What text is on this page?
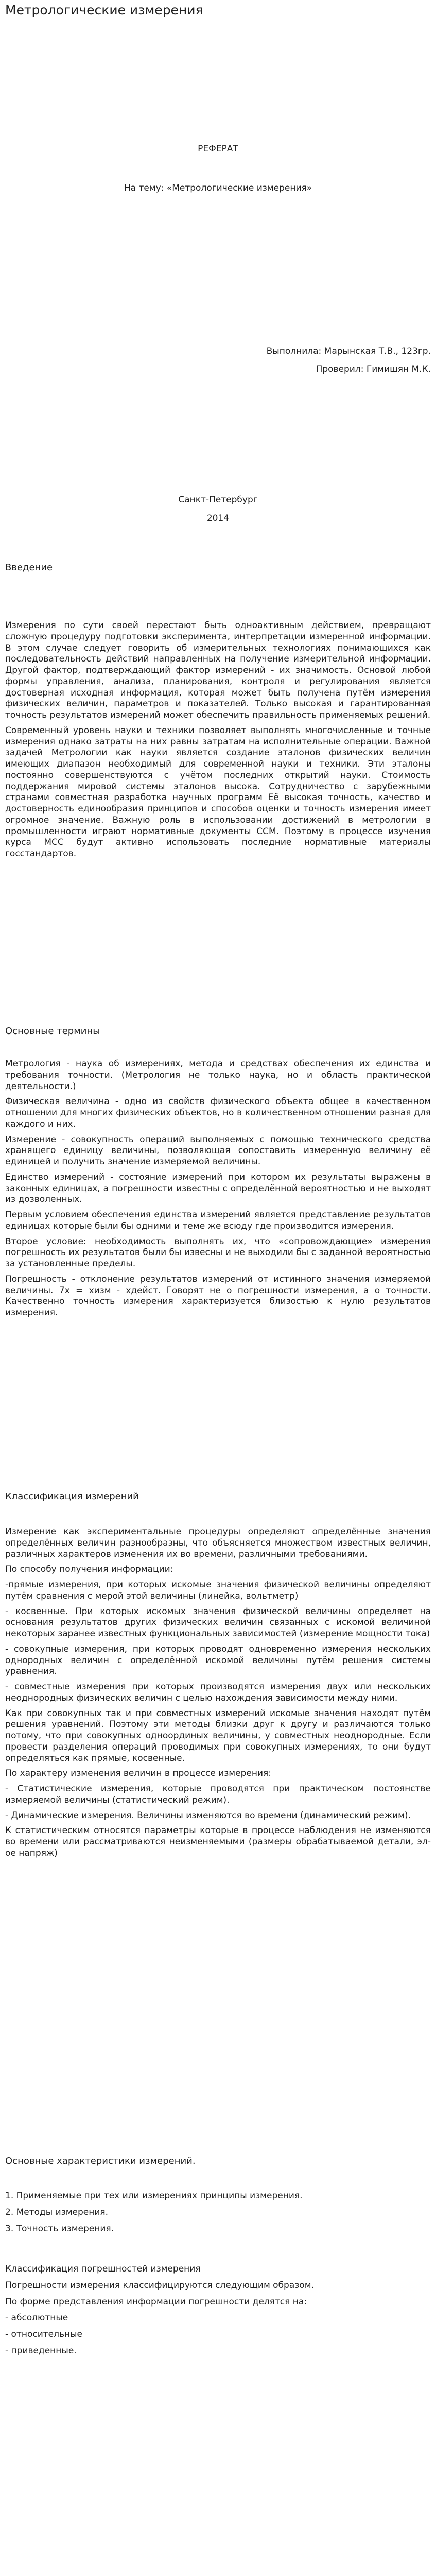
Метрологические измерения
РЕФЕРАТ
На тему: «Метрологические измерения»
Выполнила: Марынская Т.В., 123гр.
Проверил: Гимишян М.К.
Санкт-Петербург
2014
Введение

Измерения по сути своей перестают быть одноактивным действием, превращают сложную процедуру подготовки эксперимента, интерпретации измеренной информации. В этом случае следует говорить об измерительных технологиях понимающихся как последовательность действий направленных на получение измерительной информации. Другой фактор, подтверждающий фактор измерений - их значимость. Основой любой формы управления, анализа, планирования, контроля и регулирования является достоверная исходная информация, которая может быть получена путём измерения физических величин, параметров и показателей. Только высокая и гарантированная точность результатов измерений может обеспечить правильность применяемых решений.

Современный уровень науки и техники позволяет выполнять многочисленные и точные измерения однако затраты на них равны затратам на исполнительные операции. Важной задачей Метрологии как науки является создание эталонов физических величин имеющих диапазон необходимый для современной науки и техники. Эти эталоны постоянно совершенствуются с учётом последних открытий науки. Стоимость поддержания мировой системы эталонов высока. Сотрудничество с зарубежными странами совместная разработка научных программ Её высокая точность, качество и достоверность единообразия принципов и способов оценки и точность измерения имеет огромное значение. Важную роль в использовании достижений в метрологии в промышленности играют нормативные документы ССМ. Поэтому в процессе изучения курса МСС будут активно использовать последние нормативные материалы госстандартов.

Основные термины

Метрология - наука об измерениях, метода и средствах обеспечения их единства и требования точности. (Метрология не только наука, но и область практической деятельности.)

Физическая величина - одно из свойств физического объекта общее в качественном отношении для многих физических объектов, но в количественном отношении разная для каждого и них.

Измерение - совокупность операций выполняемых с помощью технического средства хранящего единицу величины, позволяющая сопоставить измеренную величину её единицей и получить значение измеряемой величины.

Единство измерений - состояние измерений при котором их результаты выражены в законных единицах, а погрешности известны с определённой вероятностью и не выходят из дозволенных.

Первым условием обеспечения единства измерений является представление результатов единицах которые были бы одними и теме же всюду где производится измерения.

Второе условие: необходимость выполнять их, что «сопровождающие» измерения погрешность их результатов были бы извесны и не выходили бы с заданной вероятностью за установленные пределы.

Погрешность - отклонение результатов измерений от истинного значения измеряемой величины. 7х = хизм - хдейст. Говорят не о погрешности измерения, а о точности. Качественно точность измерения характеризуется близостью к нулю результатов измерения.

Классификация измерений

Измерение как экспериментальные процедуры определяют определённые значения определённых величин разнообразны, что объясняется множеством известных величин, различных характеров изменения их во времени, различными требованиями.

По способу получения информации:

-прямые измерения, при которых искомые значения физической величины определяют путём сравнения с мерой этой величины (линейка, вольтметр)

- косвенные. При которых искомых значения физической величины определяет на основания результатов других физических величин связанных с искомой величиной некоторых заранее известных функциональных зависимостей (измерение мощности тока)

- совокупные измерения, при которых проводят одновременно измерения нескольких однородных величин с определённой искомой величины путём решения системы уравнения.

- совместные измерения при которых производятся измерения двух или нескольких неоднородных физических величин с целью нахождения зависимости между ними.

Как при совокупных так и при совместных измерений искомые значения находят путём решения уравнений. Поэтому эти методы близки друг к другу и различаются только потому, что при совокупных одноординых величины, у совместных неоднородные. Если провести разделения операций проводимых при совокупных измерениях, то они будут определяться как прямые, косвенные.

По характеру изменения величин в процессе измерения:

- Статистические измерения, которые проводятся при практическом постоянстве измеряемой величины (статистический режим).

- Динамические измерения. Величины изменяются во времени (динамический режим).

К статистическим относятся параметры которые в процессе наблюдения не изменяются во времени или рассматриваются неизменяемыми (размеры обрабатываемой детали, эл-ое напряж)

Основные характеристики измерений.

1. Применяемые при тех или измерениях принципы измерения.

2. Методы измерения.

3. Точность измерения.

Классификация погрешностей измерения

Погрешности измерения классифицируются следующим образом.

По форме представления информации погрешности делятся на:

- абсолютные

- относительные

- приведенные.
